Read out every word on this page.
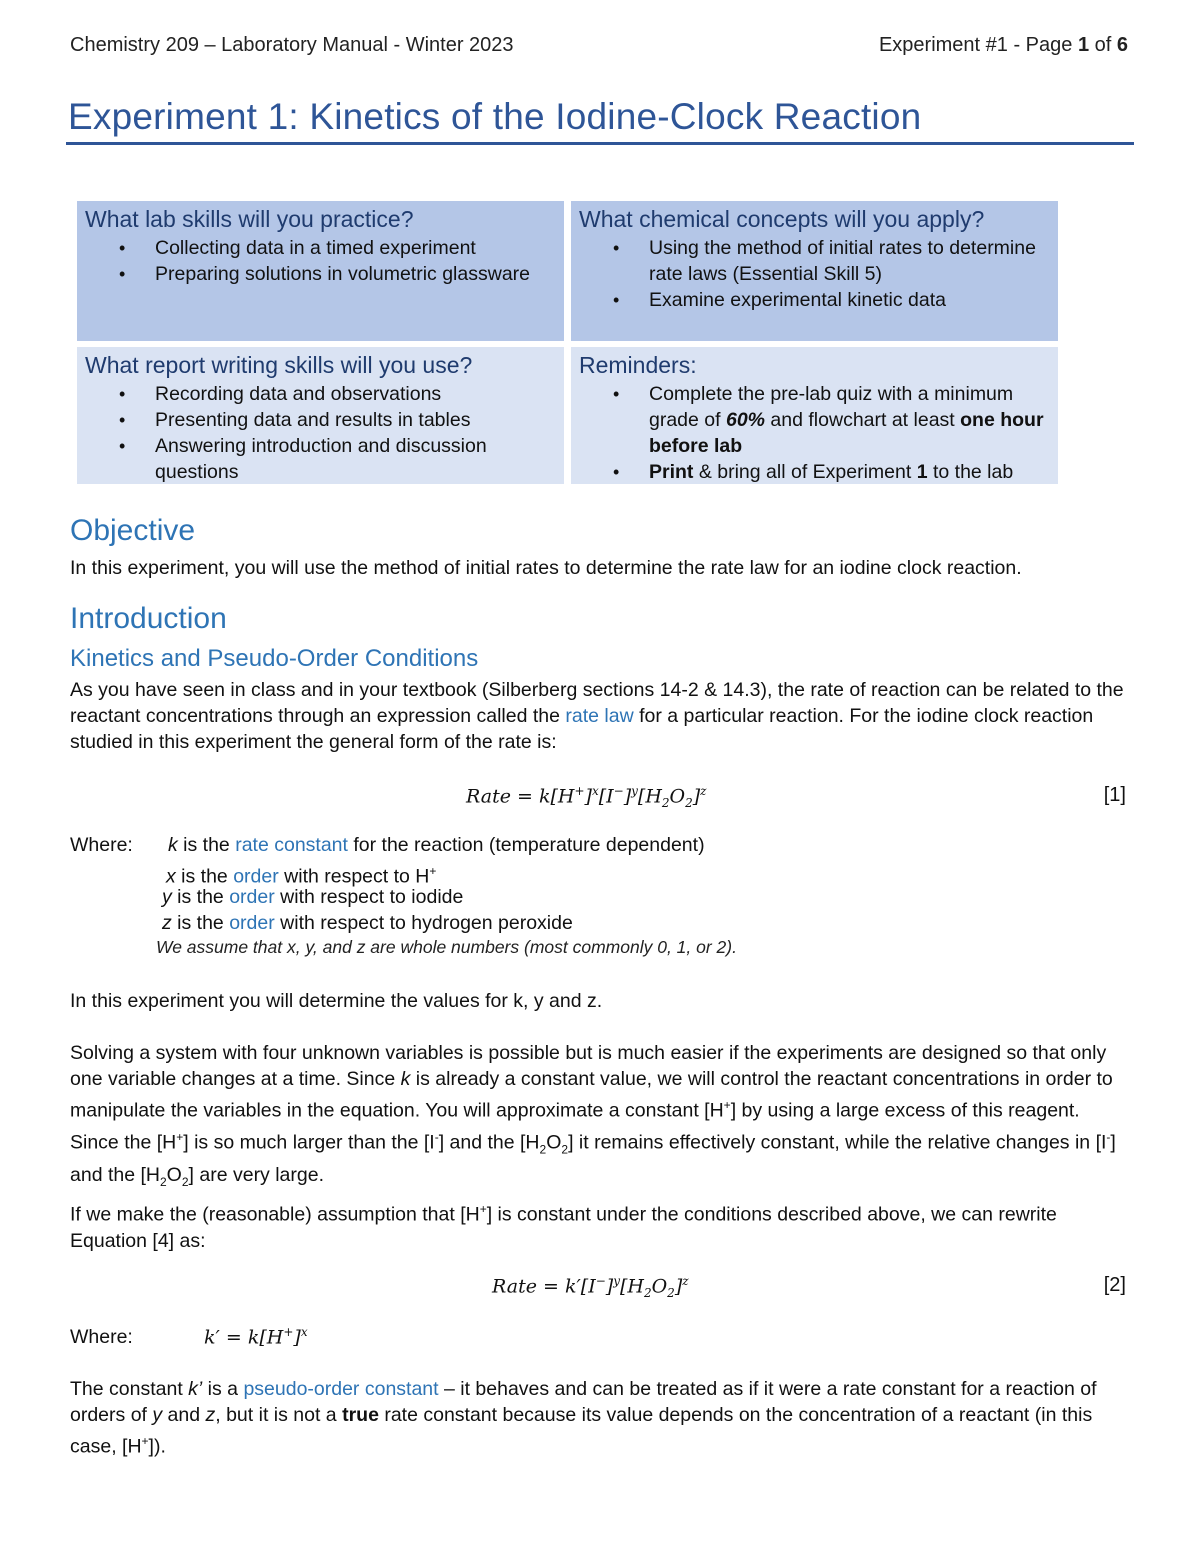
Chemistry 209 – Laboratory Manual - Winter 2023	Experiment #1 - Page 1 of 6
Experiment 1: Kinetics of the Iodine-Clock Reaction
What lab skills will you practice?
• Collecting data in a timed experiment
• Preparing solutions in volumetric glassware
What chemical concepts will you apply?
• Using the method of initial rates to determine rate laws (Essential Skill 5)
• Examine experimental kinetic data
What report writing skills will you use?
• Recording data and observations
• Presenting data and results in tables
• Answering introduction and discussion questions
Reminders:
• Complete the pre-lab quiz with a minimum grade of 60% and flowchart at least one hour before lab
• Print & bring all of Experiment 1 to the lab
Objective
In this experiment, you will use the method of initial rates to determine the rate law for an iodine clock reaction.
Introduction
Kinetics and Pseudo-Order Conditions
As you have seen in class and in your textbook (Silberberg sections 14-2 & 14.3), the rate of reaction can be related to the reactant concentrations through an expression called the rate law for a particular reaction. For the iodine clock reaction studied in this experiment the general form of the rate is:
Rate = $k[H^+]^x[I^-]^y[H_2O_2]^z$	[1]
Where: k is the rate constant for the reaction (temperature dependent)
x is the order with respect to H+
y is the order with respect to iodide
z is the order with respect to hydrogen peroxide
We assume that x, y, and z are whole numbers (most commonly 0, 1, or 2).
In this experiment you will determine the values for k, y and z.
Solving a system with four unknown variables is possible but is much easier if the experiments are designed so that only one variable changes at a time. Since k is already a constant value, we will control the reactant concentrations in order to manipulate the variables in the equation. You will approximate a constant [H+] by using a large excess of this reagent. Since the [H+] is so much larger than the [I-] and the $[H_2O_2]$ it remains effectively constant, while the relative changes in [I-] and the $[H_2O_2]$ are very large.
If we make the (reasonable) assumption that [H+] is constant under the conditions described above, we can rewrite Equation [4] as:
Rate = $k'[I^-]^y[H_2O_2]^z$	[2]
Where:	$k' = k[H^+]^x$
The constant k’ is a pseudo-order constant – it behaves and can be treated as if it were a rate constant for a reaction of orders of y and z, but it is not a true rate constant because its value depends on the concentration of a reactant (in this case, [H+]).
